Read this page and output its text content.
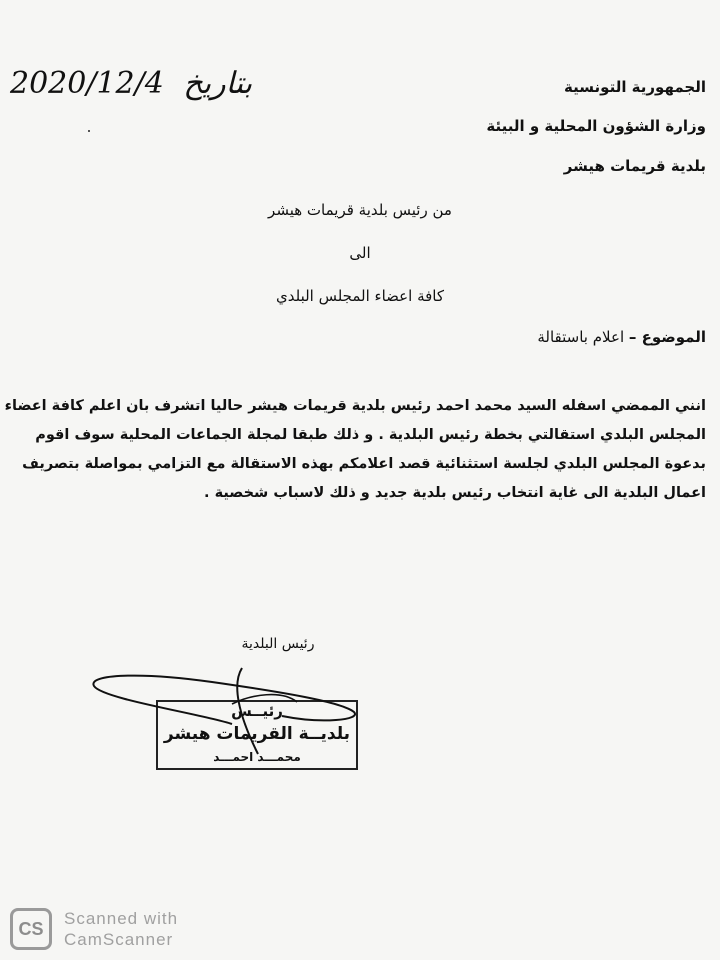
الجمهورية التونسية
وزارة الشؤون المحلية و البيئة
بلدية قريمات هيشر
2020/12/4 بتاريخ
من رئيس بلدية قريمات هيشر
الى
كافة اعضاء المجلس البلدي
الموضوع – اعلام باستقالة
انني الممضي اسفله السيد محمد احمد رئيس بلدية قريمات هيشر حاليا اتشرف بان اعلم كافة اعضاء
المجلس البلدي استقالتي بخطة رئيس البلدية . و ذلك طبقا لمجلة الجماعات المحلية سوف اقوم
بدعوة المجلس البلدي لجلسة استثنائية قصد اعلامكم بهذه الاستقالة مع التزامي بمواصلة بتصريف
اعمال البلدية الى غاية انتخاب رئيس بلدية جديد و ذلك لاسباب شخصية .
رئيس البلدية
رئيــس
بلديــة القريمات هيشر
محمـــد احمـــد
CS
Scanned with
CamScanner
